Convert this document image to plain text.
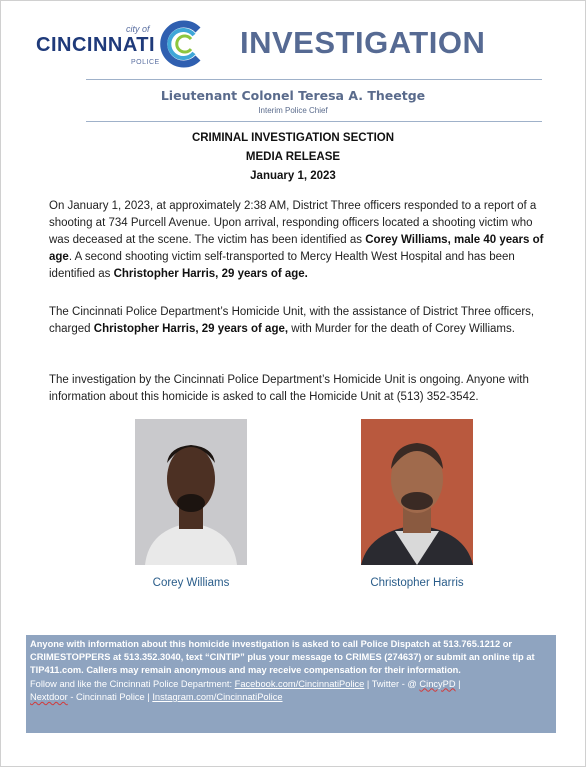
city of
CINCINNATI
POLICE
INVESTIGATION
Lieutenant Colonel Teresa A. Theetge
Interim Police Chief
CRIMINAL INVESTIGATION SECTION
MEDIA RELEASE
January 1, 2023
On January 1, 2023, at approximately 2:38 AM, District Three officers responded to a report of a shooting at 734 Purcell Avenue. Upon arrival, responding officers located a shooting victim who was deceased at the scene. The victim has been identified as Corey Williams, male 40 years of age. A second shooting victim self-transported to Mercy Health West Hospital and has been identified as Christopher Harris, 29 years of age.
The Cincinnati Police Department’s Homicide Unit, with the assistance of District Three officers, charged Christopher Harris, 29 years of age, with Murder for the death of Corey Williams.
The investigation by the Cincinnati Police Department’s Homicide Unit is ongoing. Anyone with information about this homicide is asked to call the Homicide Unit at (513) 352-3542.
Corey Williams	Christopher Harris
Anyone with information about this homicide investigation is asked to call Police Dispatch at 513.765.1212 or CRIMESTOPPERS at 513.352.3040, text “CINTIP” plus your message to CRIMES (274637) or submit an online tip at TIP411.com. Callers may remain anonymous and may receive compensation for their information.
Follow and like the Cincinnati Police Department: Facebook.com/CincinnatiPolice | Twitter - @ CincyPD |
Nextdoor - Cincinnati Police | Instagram.com/CincinnatiPolice
